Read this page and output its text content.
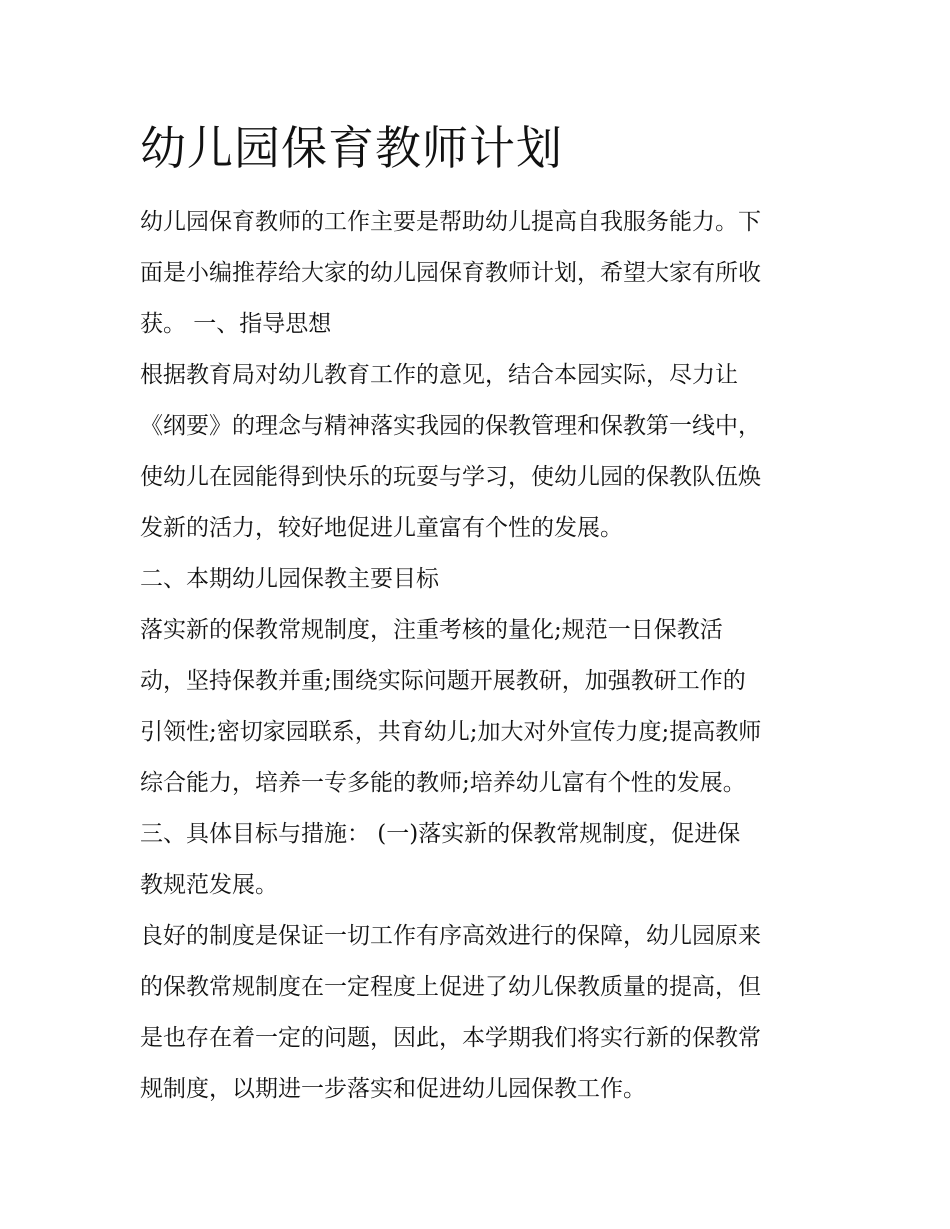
幼儿园保育教师计划

幼儿园保育教师的工作主要是帮助幼儿提高自我服务能力。下

面是小编推荐给大家的幼儿园保育教师计划，希望大家有所收

获。 一、指导思想

根据教育局对幼儿教育工作的意见，结合本园实际，尽力让

《纲要》的理念与精神落实我园的保教管理和保教第一线中，

使幼儿在园能得到快乐的玩耍与学习，使幼儿园的保教队伍焕

发新的活力，较好地促进儿童富有个性的发展。

二、本期幼儿园保教主要目标

落实新的保教常规制度，注重考核的量化;规范一日保教活

动，坚持保教并重;围绕实际问题开展教研，加强教研工作的

引领性;密切家园联系，共育幼儿;加大对外宣传力度;提高教师

综合能力，培养一专多能的教师;培养幼儿富有个性的发展。

三、具体目标与措施： (一)落实新的保教常规制度，促进保

教规范发展。

良好的制度是保证一切工作有序高效进行的保障，幼儿园原来

的保教常规制度在一定程度上促进了幼儿保教质量的提高，但

是也存在着一定的问题，因此，本学期我们将实行新的保教常

规制度，以期进一步落实和促进幼儿园保教工作。
